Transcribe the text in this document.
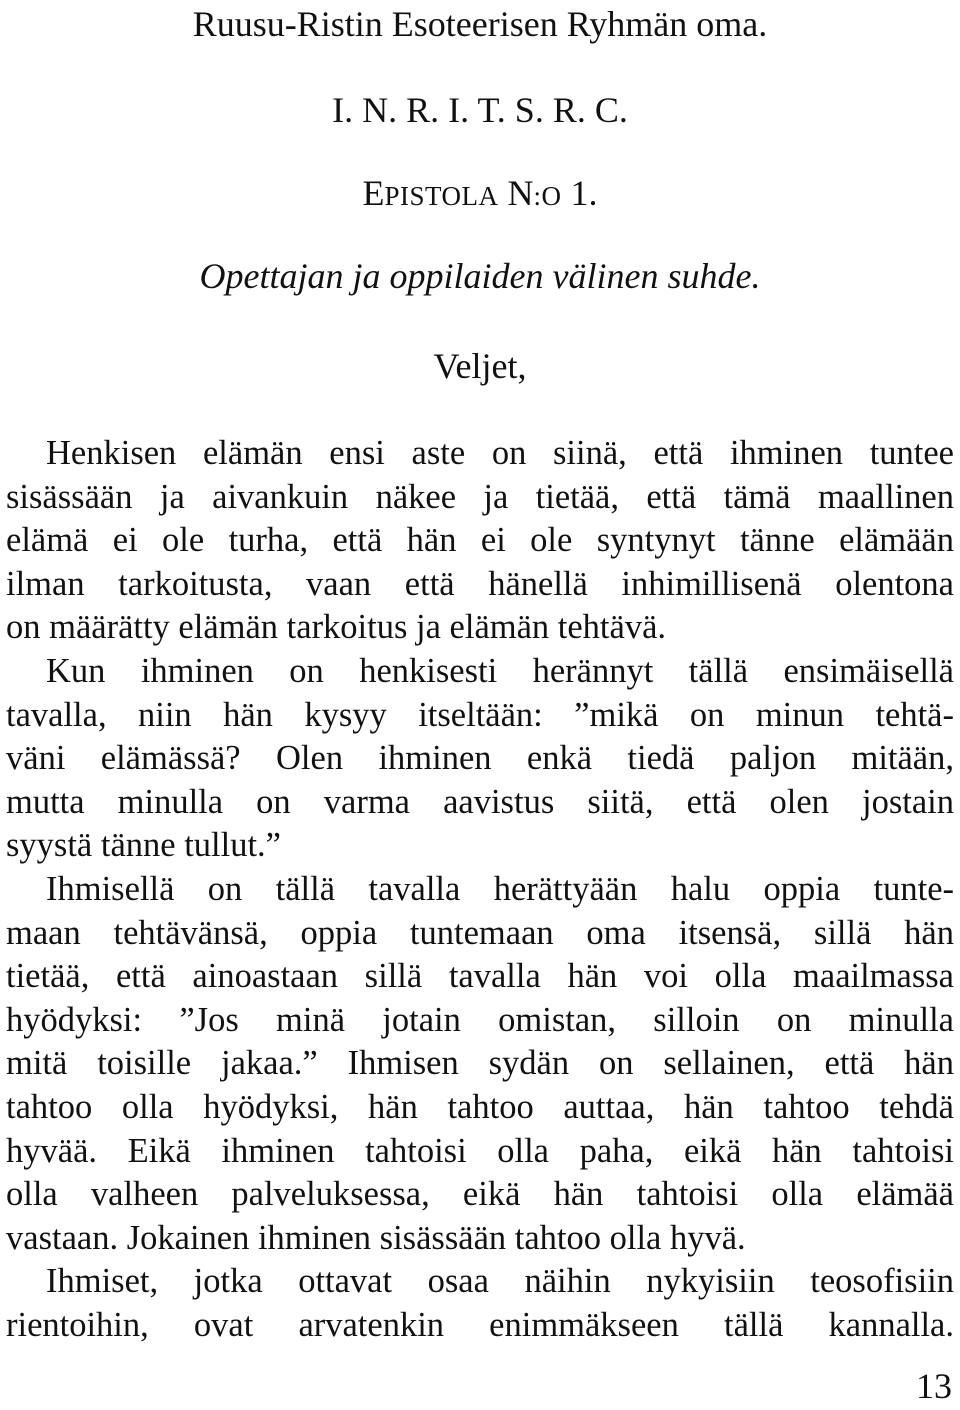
Ruusu-Ristin Esoteerisen Ryhmän oma.
I. N. R. I. T. S. R. C.
EPISTOLA N:O 1.
Opettajan ja oppilaiden välinen suhde.
Veljet,
Henkisen elämän ensi aste on siinä, että ihminen tuntee
sisässään ja aivankuin näkee ja tietää, että tämä maallinen
elämä ei ole turha, että hän ei ole syntynyt tänne elämään
ilman tarkoitusta, vaan että hänellä inhimillisenä olentona
on määrätty elämän tarkoitus ja elämän tehtävä.
Kun ihminen on henkisesti herännyt tällä ensimäisellä
tavalla, niin hän kysyy itseltään: ”mikä on minun tehtä-
väni elämässä? Olen ihminen enkä tiedä paljon mitään,
mutta minulla on varma aavistus siitä, että olen jostain
syystä tänne tullut.”
Ihmisellä on tällä tavalla herättyään halu oppia tunte-
maan tehtävänsä, oppia tuntemaan oma itsensä, sillä hän
tietää, että ainoastaan sillä tavalla hän voi olla maailmassa
hyödyksi: ”Jos minä jotain omistan, silloin on minulla
mitä toisille jakaa.” Ihmisen sydän on sellainen, että hän
tahtoo olla hyödyksi, hän tahtoo auttaa, hän tahtoo tehdä
hyvää. Eikä ihminen tahtoisi olla paha, eikä hän tahtoisi
olla valheen palveluksessa, eikä hän tahtoisi olla elämää
vastaan. Jokainen ihminen sisässään tahtoo olla hyvä.
Ihmiset, jotka ottavat osaa näihin nykyisiin teosofisiin
rientoihin, ovat arvatenkin enimmäkseen tällä kannalla.
13
